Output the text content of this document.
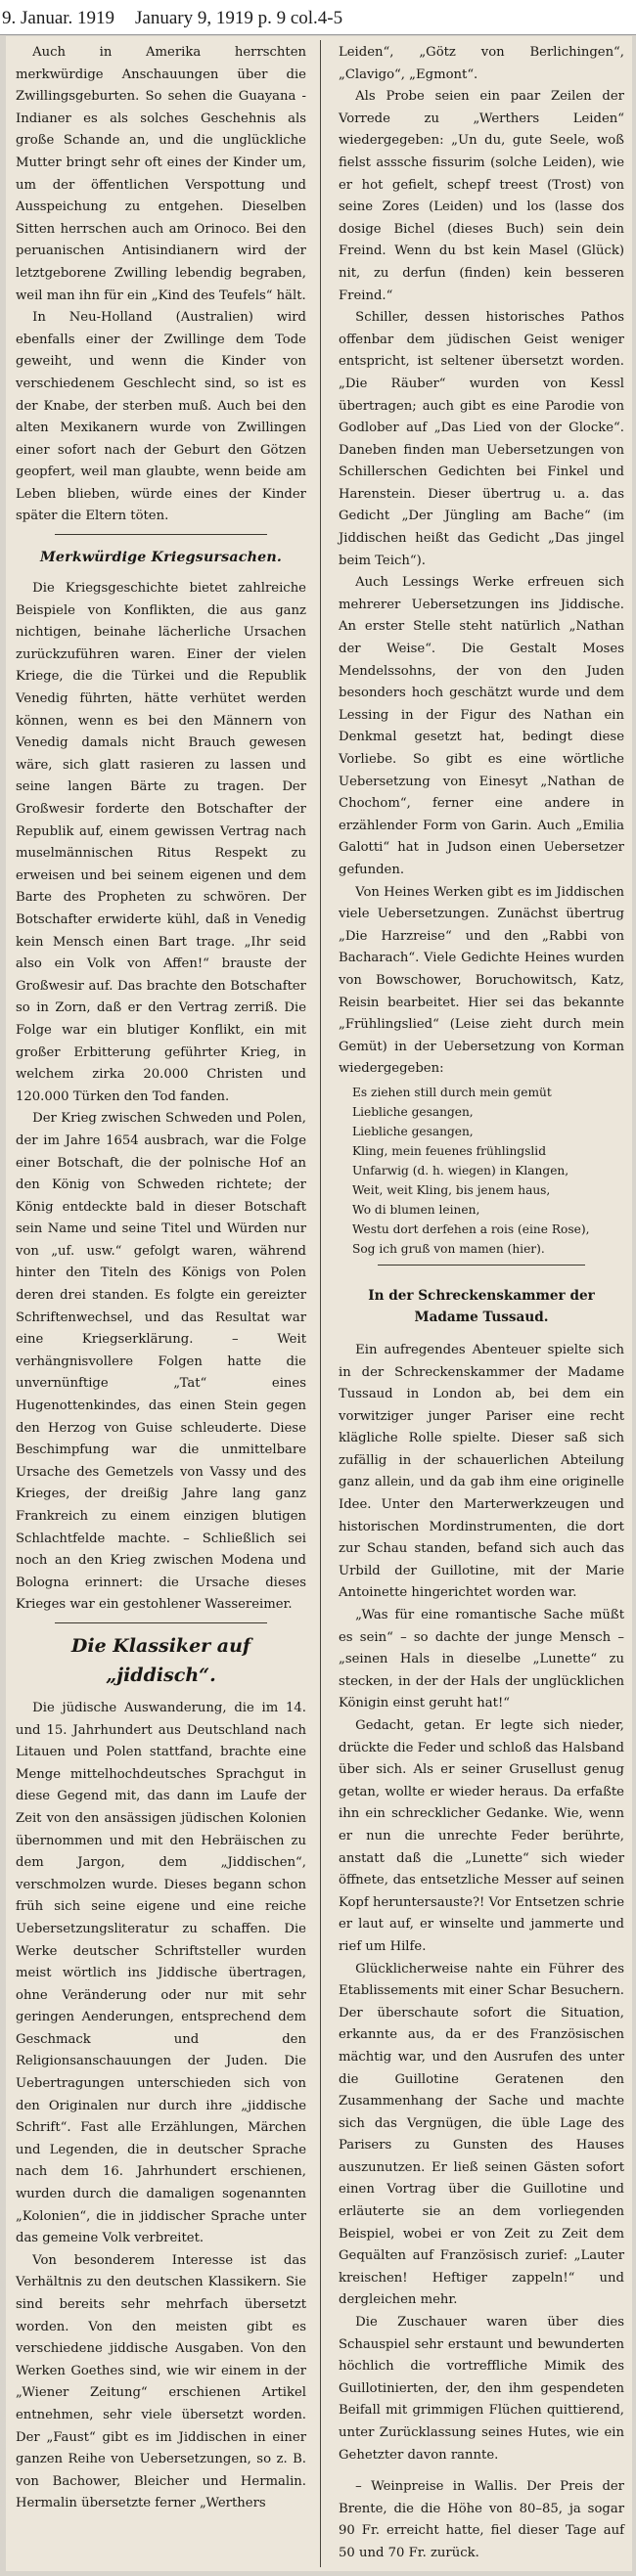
9. Januar. 1919 January 9, 1919 p. 9 col.4-5

Auch in Amerika herrschten merkwürdige Anschauungen über die Zwillingsgeburten. So sehen die Guayana - Indianer es als solches Geschehnis als große Schande an, und die unglückliche Mutter bringt sehr oft eines der Kinder um, um der öffentlichen Verspottung und Ausspeichung zu entgehen. Dieselben Sitten herrschen auch am Orinoco. Bei den peruanischen Antisindianern wird der letztgeborene Zwilling lebendig begraben, weil man ihn für ein „Kind des Teufels“ hält.

In Neu-Holland (Australien) wird ebenfalls einer der Zwillinge dem Tode geweiht, und wenn die Kinder von verschiedenem Geschlecht sind, so ist es der Knabe, der sterben muß. Auch bei den alten Mexikanern wurde von Zwillingen einer sofort nach der Geburt den Götzen geopfert, weil man glaubte, wenn beide am Leben blieben, würde eines der Kinder später die Eltern töten.

Merkwürdige Kriegsursachen.

Die Kriegsgeschichte bietet zahlreiche Beispiele von Konflikten, die aus ganz nichtigen, beinahe lächerliche Ursachen zurückzuführen waren. Einer der vielen Kriege, die die Türkei und die Republik Venedig führten, hätte verhütet werden können, wenn es bei den Männern von Venedig damals nicht Brauch gewesen wäre, sich glatt rasieren zu lassen und seine langen Bärte zu tragen. Der Großwesir forderte den Botschafter der Republik auf, einem gewissen Vertrag nach muselmännischen Ritus Respekt zu erweisen und bei seinem eigenen und dem Barte des Propheten zu schwören. Der Botschafter erwiderte kühl, daß in Venedig kein Mensch einen Bart trage. „Ihr seid also ein Volk von Affen!“ brauste der Großwesir auf. Das brachte den Botschafter so in Zorn, daß er den Vertrag zerriß. Die Folge war ein blutiger Konflikt, ein mit großer Erbitterung geführter Krieg, in welchem zirka 20.000 Christen und 120.000 Türken den Tod fanden.

Der Krieg zwischen Schweden und Polen, der im Jahre 1654 ausbrach, war die Folge einer Botschaft, die der polnische Hof an den König von Schweden richtete; der König entdeckte bald in dieser Botschaft sein Name und seine Titel und Würden nur von „uf. usw.“ gefolgt waren, während hinter den Titeln des Königs von Polen deren drei standen. Es folgte ein gereizter Schriftenwechsel, und das Resultat war eine Kriegserklärung. – Weit verhängnisvollere Folgen hatte die unvernünftige „Tat“ eines Hugenottenkindes, das einen Stein gegen den Herzog von Guise schleuderte. Diese Beschimpfung war die unmittelbare Ursache des Gemetzels von Vassy und des Krieges, der dreißig Jahre lang ganz Frankreich zu einem einzigen blutigen Schlachtfelde machte. – Schließlich sei noch an den Krieg zwischen Modena und Bologna erinnert: die Ursache dieses Krieges war ein gestohlener Wassereimer.

Die Klassiker auf „jiddisch“.

Die jüdische Auswanderung, die im 14. und 15. Jahrhundert aus Deutschland nach Litauen und Polen stattfand, brachte eine Menge mittelhochdeutsches Sprachgut in diese Gegend mit, das dann im Laufe der Zeit von den ansässigen jüdischen Kolonien übernommen und mit den Hebräischen zu dem Jargon, dem „Jiddischen“, verschmolzen wurde. Dieses begann schon früh sich seine eigene und eine reiche Uebersetzungsliteratur zu schaffen. Die Werke deutscher Schriftsteller wurden meist wörtlich ins Jiddische übertragen, ohne Veränderung oder nur mit sehr geringen Aenderungen, entsprechend dem Geschmack und den Religionsanschauungen der Juden. Die Uebertragungen unterschieden sich von den Originalen nur durch ihre „jiddische Schrift“. Fast alle Erzählungen, Märchen und Legenden, die in deutscher Sprache nach dem 16. Jahrhundert erschienen, wurden durch die damaligen sogenannten „Kolonien“, die in jiddischer Sprache unter das gemeine Volk verbreitet.

Von besonderem Interesse ist das Verhältnis zu den deutschen Klassikern. Sie sind bereits sehr mehrfach übersetzt worden. Von den meisten gibt es verschiedene jiddische Ausgaben. Von den Werken Goethes sind, wie wir einem in der „Wiener Zeitung“ erschienen Artikel entnehmen, sehr viele übersetzt worden. Der „Faust“ gibt es im Jiddischen in einer ganzen Reihe von Uebersetzungen, so z. B. von Bachower, Bleicher und Hermalin. Hermalin übersetzte ferner „Werthers

Leiden“, „Götz von Berlichingen“, „Clavigo“, „Egmont“.

Als Probe seien ein paar Zeilen der Vorrede zu „Werthers Leiden“ wiedergegeben: „Un du, gute Seele, woß fielst asssche fissurim (solche Leiden), wie er hot gefielt, schepf treest (Trost) von seine Zores (Leiden) und los (lasse dos dosige Bichel (dieses Buch) sein dein Freind. Wenn du bst kein Masel (Glück) nit, zu derfun (finden) kein besseren Freind.“

Schiller, dessen historisches Pathos offenbar dem jüdischen Geist weniger entspricht, ist seltener übersetzt worden. „Die Räuber“ wurden von Kessl übertragen; auch gibt es eine Parodie von Godlober auf „Das Lied von der Glocke“. Daneben finden man Uebersetzungen von Schillerschen Gedichten bei Finkel und Harenstein. Dieser übertrug u. a. das Gedicht „Der Jüngling am Bache“ (im Jiddischen heißt das Gedicht „Das jingel beim Teich“).

Auch Lessings Werke erfreuen sich mehrerer Uebersetzungen ins Jiddische. An erster Stelle steht natürlich „Nathan der Weise“. Die Gestalt Moses Mendelssohns, der von den Juden besonders hoch geschätzt wurde und dem Lessing in der Figur des Nathan ein Denkmal gesetzt hat, bedingt diese Vorliebe. So gibt es eine wörtliche Uebersetzung von Einesyt „Nathan de Chochom“, ferner eine andere in erzählender Form von Garin. Auch „Emilia Galotti“ hat in Judson einen Uebersetzer gefunden.

Von Heines Werken gibt es im Jiddischen viele Uebersetzungen. Zunächst übertrug „Die Harzreise“ und den „Rabbi von Bacharach“. Viele Gedichte Heines wurden von Bowschower, Boruchowitsch, Katz, Reisin bearbeitet. Hier sei das bekannte „Frühlingslied“ (Leise zieht durch mein Gemüt) in der Uebersetzung von Korman wiedergegeben:

Es ziehen still durch mein gemüt
Liebliche gesangen,
Liebliche gesangen,
Kling, mein feuenes frühlingslid
Unfarwig (d. h. wiegen) in Klangen,
Weit, weit Kling, bis jenem haus,
Wo di blumen leinen,
Westu dort derfehen a rois (eine Rose),
Sog ich gruß von mamen (hier).
In der Schreckenskammer der Madame Tussaud.

Ein aufregendes Abenteuer spielte sich in der Schreckenskammer der Madame Tussaud in London ab, bei dem ein vorwitziger junger Pariser eine recht klägliche Rolle spielte. Dieser saß sich zufällig in der schauerlichen Abteilung ganz allein, und da gab ihm eine originelle Idee. Unter den Marterwerkzeugen und historischen Mordinstrumenten, die dort zur Schau standen, befand sich auch das Urbild der Guillotine, mit der Marie Antoinette hingerichtet worden war.

„Was für eine romantische Sache müßt es sein“ – so dachte der junge Mensch – „seinen Hals in dieselbe „Lunette“ zu stecken, in der der Hals der unglücklichen Königin einst geruht hat!“

Gedacht, getan. Er legte sich nieder, drückte die Feder und schloß das Halsband über sich. Als er seiner Grusellust genug getan, wollte er wieder heraus. Da erfaßte ihn ein schrecklicher Gedanke. Wie, wenn er nun die unrechte Feder berührte, anstatt daß die „Lunette“ sich wieder öffnete, das entsetzliche Messer auf seinen Kopf heruntersauste?! Vor Entsetzen schrie er laut auf, er winselte und jammerte und rief um Hilfe.

Glücklicherweise nahte ein Führer des Etablissements mit einer Schar Besuchern. Der überschaute sofort die Situation, erkannte aus, da er des Französischen mächtig war, und den Ausrufen des unter die Guillotine Geratenen den Zusammenhang der Sache und machte sich das Vergnügen, die üble Lage des Parisers zu Gunsten des Hauses auszunutzen. Er ließ seinen Gästen sofort einen Vortrag über die Guillotine und erläuterte sie an dem vorliegenden Beispiel, wobei er von Zeit zu Zeit dem Gequälten auf Französisch zurief: „Lauter kreischen! Heftiger zappeln!“ und dergleichen mehr.

Die Zuschauer waren über dies Schauspiel sehr erstaunt und bewunderten höchlich die vortreffliche Mimik des Guillotinierten, der, den ihm gespendeten Beifall mit grimmigen Flüchen quittierend, unter Zurücklassung seines Hutes, wie ein Gehetzter davon rannte.

– Weinpreise in Wallis. Der Preis der Brente, die die Höhe von 80–85, ja sogar 90 Fr. erreicht hatte, fiel dieser Tage auf 50 und 70 Fr. zurück.
